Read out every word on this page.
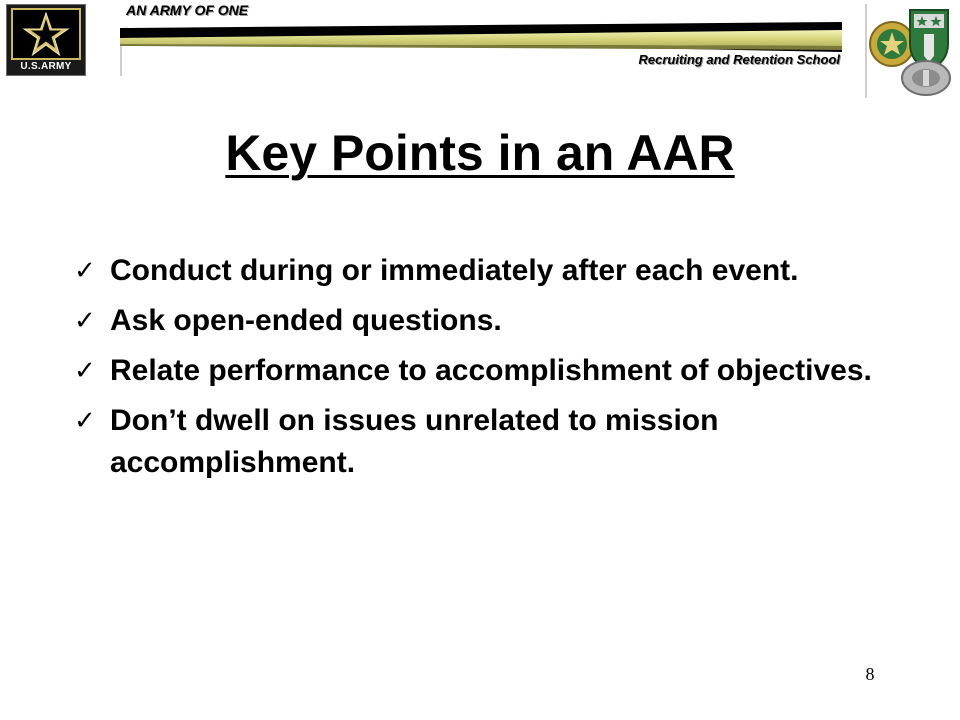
U.S.ARMY
AN ARMY OF ONE
Recruiting and Retention School
Key Points in an AAR
✓ Conduct during or immediately after each event.
✓ Ask open-ended questions.
✓ Relate performance to accomplishment of objectives.
✓ Don’t dwell on issues unrelated to mission accomplishment.
8
